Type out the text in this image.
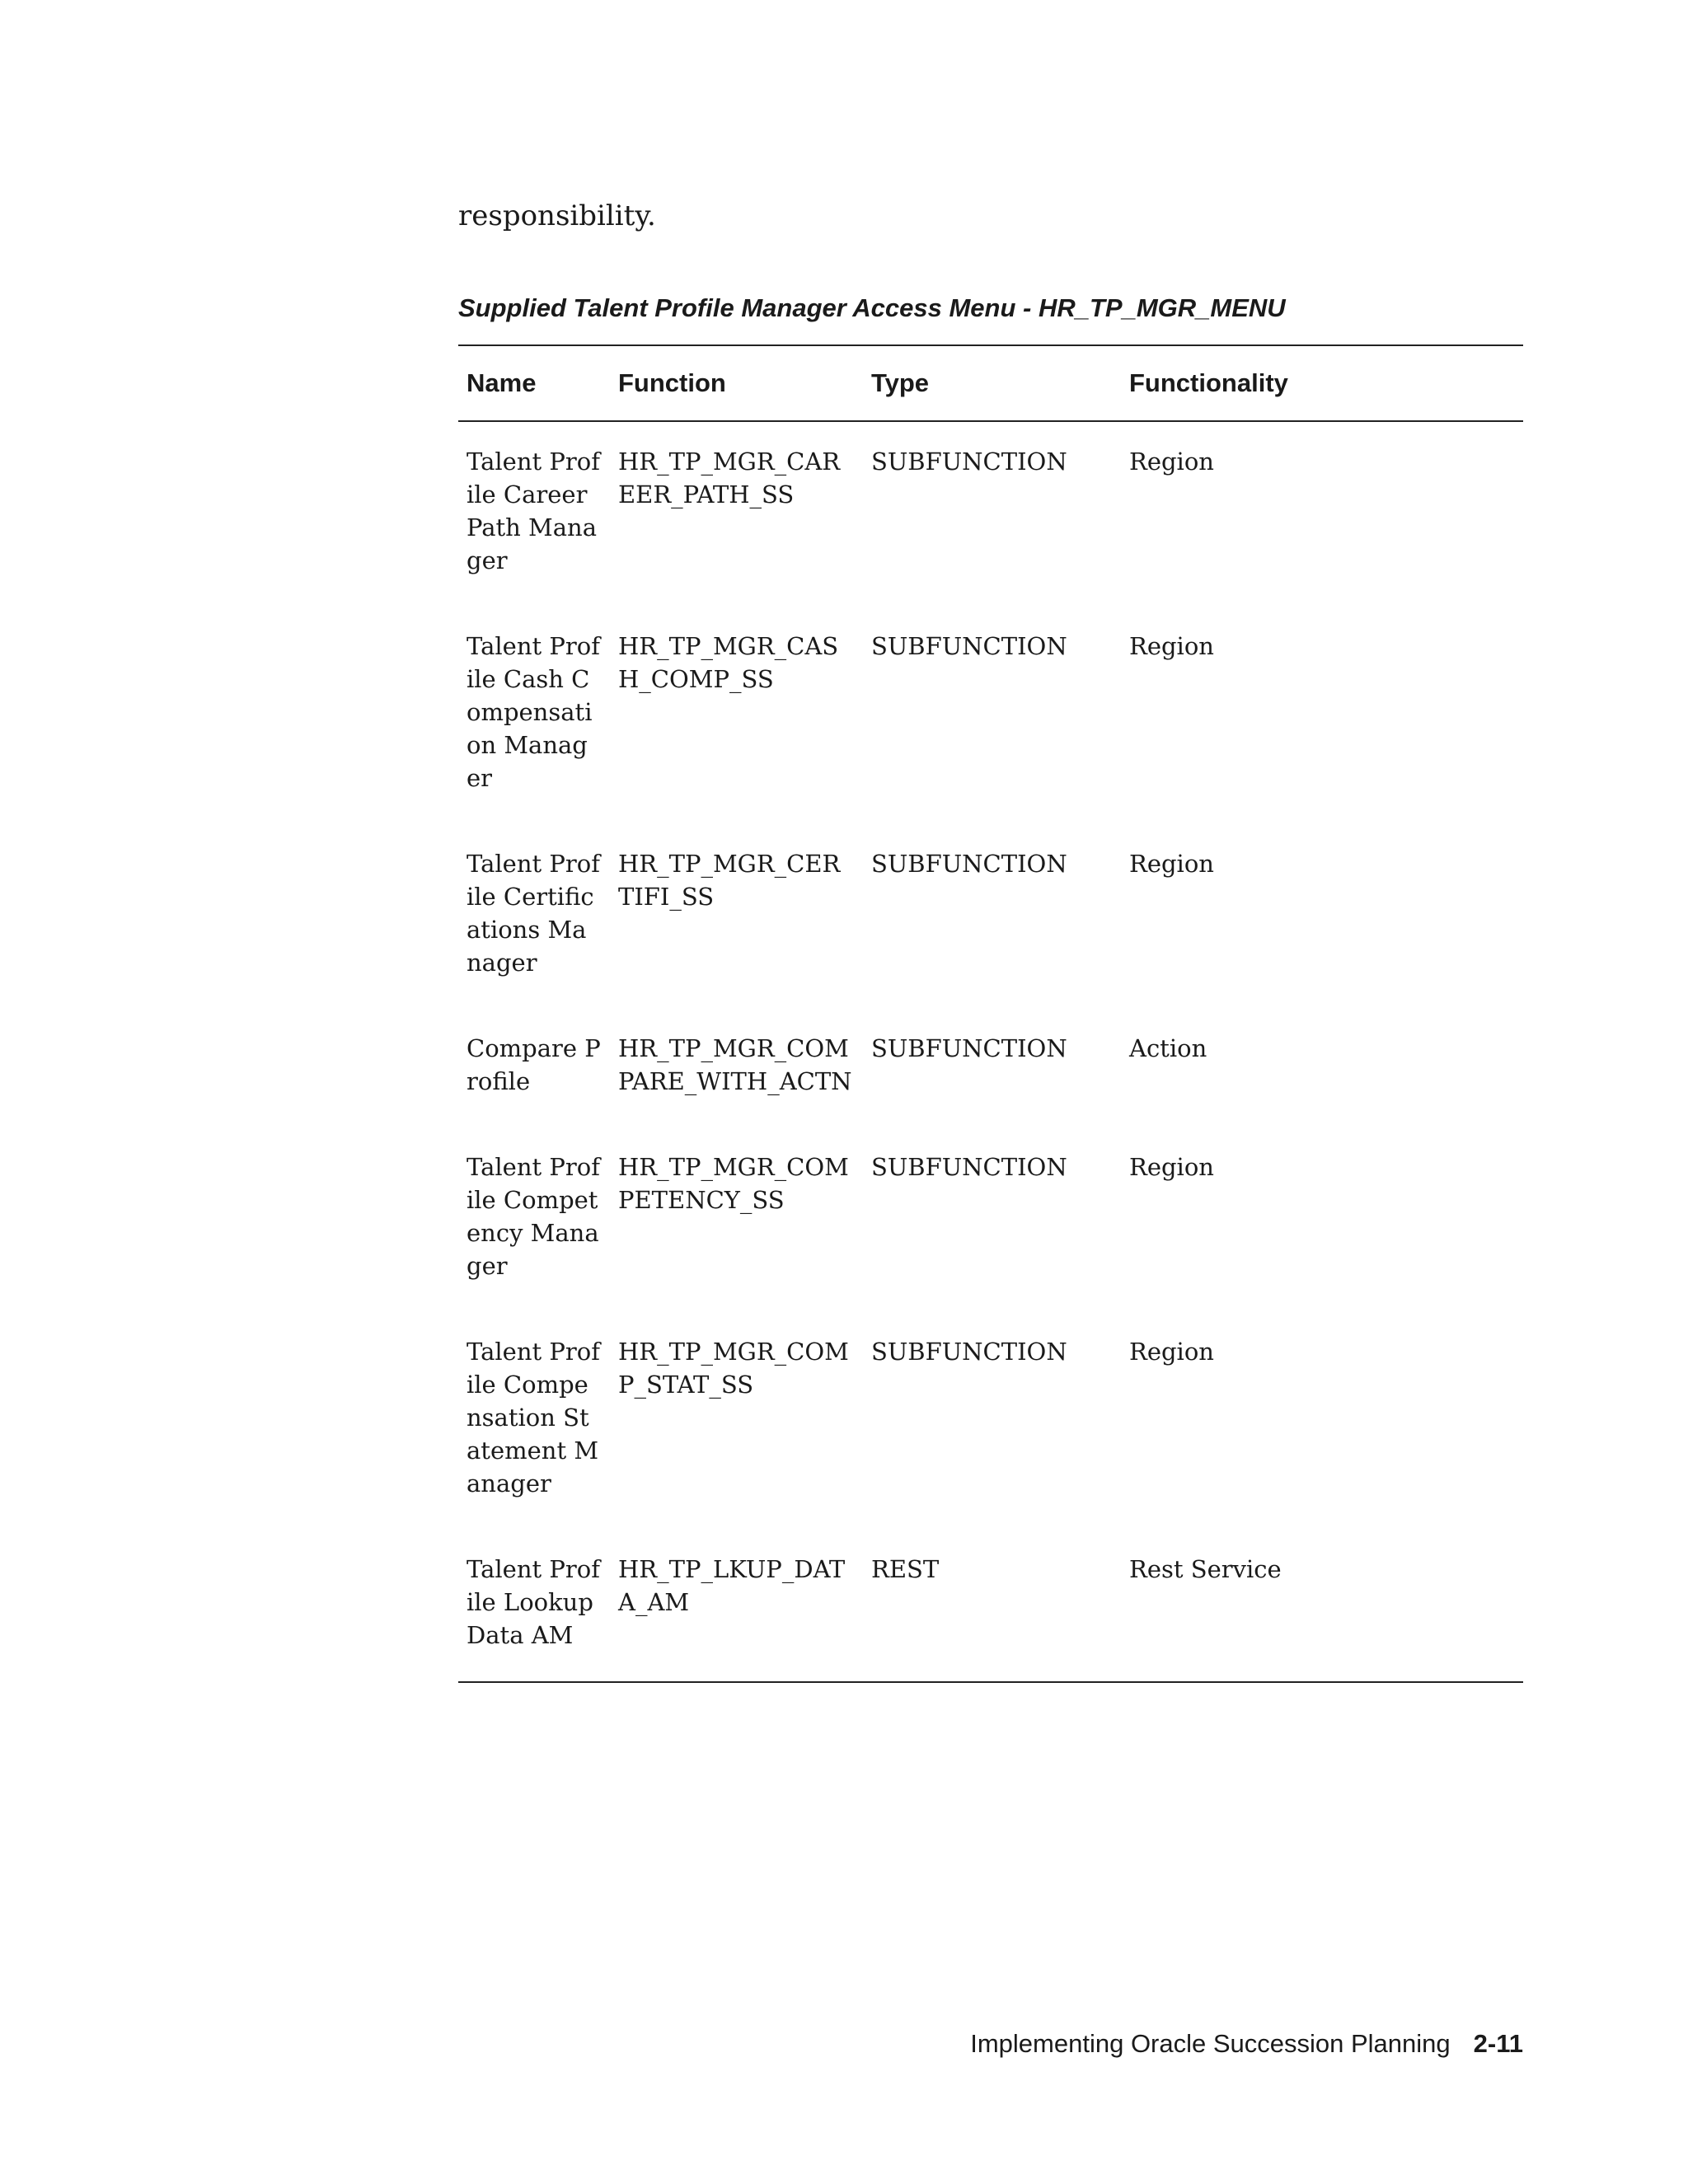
responsibility.

Supplied Talent Profile Manager Access Menu - HR_TP_MGR_MENU

Name	Function	Type	Functionality
Talent Profile Career Path Manager	HR_TP_MGR_CAREER_PATH_SS	SUBFUNCTION	Region
Talent Profile Cash Compensation Manager	HR_TP_MGR_CASH_COMP_SS	SUBFUNCTION	Region
Talent Profile Certifications Manager	HR_TP_MGR_CERTIFI_SS	SUBFUNCTION	Region
Compare Profile	HR_TP_MGR_COMPARE_WITH_ACTN	SUBFUNCTION	Action
Talent Profile Competency Manager	HR_TP_MGR_COMPETENCY_SS	SUBFUNCTION	Region
Talent Profile Compensation Statement Manager	HR_TP_MGR_COMP_STAT_SS	SUBFUNCTION	Region
Talent Profile Lookup Data AM	HR_TP_LKUP_DATA_AM	REST	Rest Service
Implementing Oracle Succession Planning 2-11
